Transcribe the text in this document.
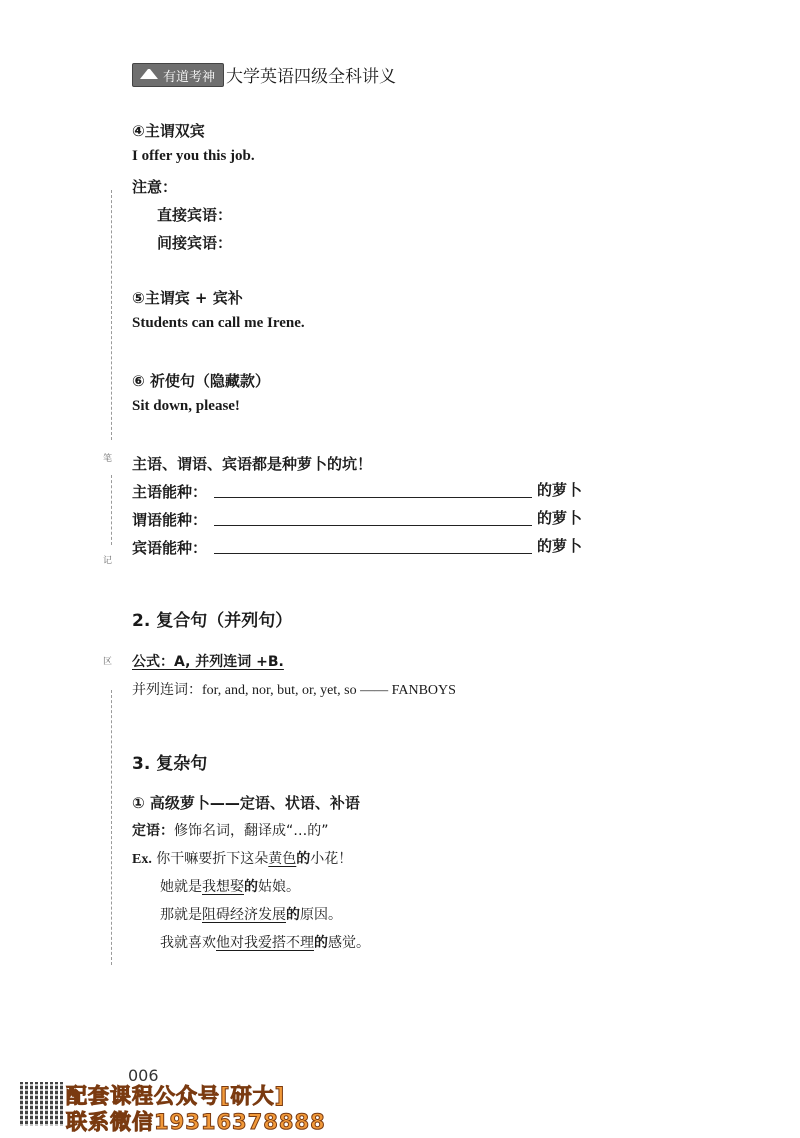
有道考神 大学英语四级全科讲义
笔
记
区
④主谓双宾
I offer you this job.
注意：
直接宾语：
间接宾语：
⑤主谓宾 + 宾补
Students can call me Irene.
⑥ 祈使句（隐藏款）
Sit down, please!
主语、谓语、宾语都是种萝卜的坑！
主语能种：	的萝卜
谓语能种：	的萝卜
宾语能种：	的萝卜
2. 复合句（并列句）
公式：A, 并列连词 +B.
并列连词：for, and, nor, but, or, yet, so —— FANBOYS
3. 复杂句
① 高级萝卜——定语、状语、补语
定语：修饰名词，翻译成“…的”
Ex. 你干嘛要折下这朵黄色的小花！
她就是我想娶的姑娘。
那就是阻碍经济发展的原因。
我就喜欢他对我爱搭不理的感觉。
006
配套课程公众号[研大]
联系微信19316378888
